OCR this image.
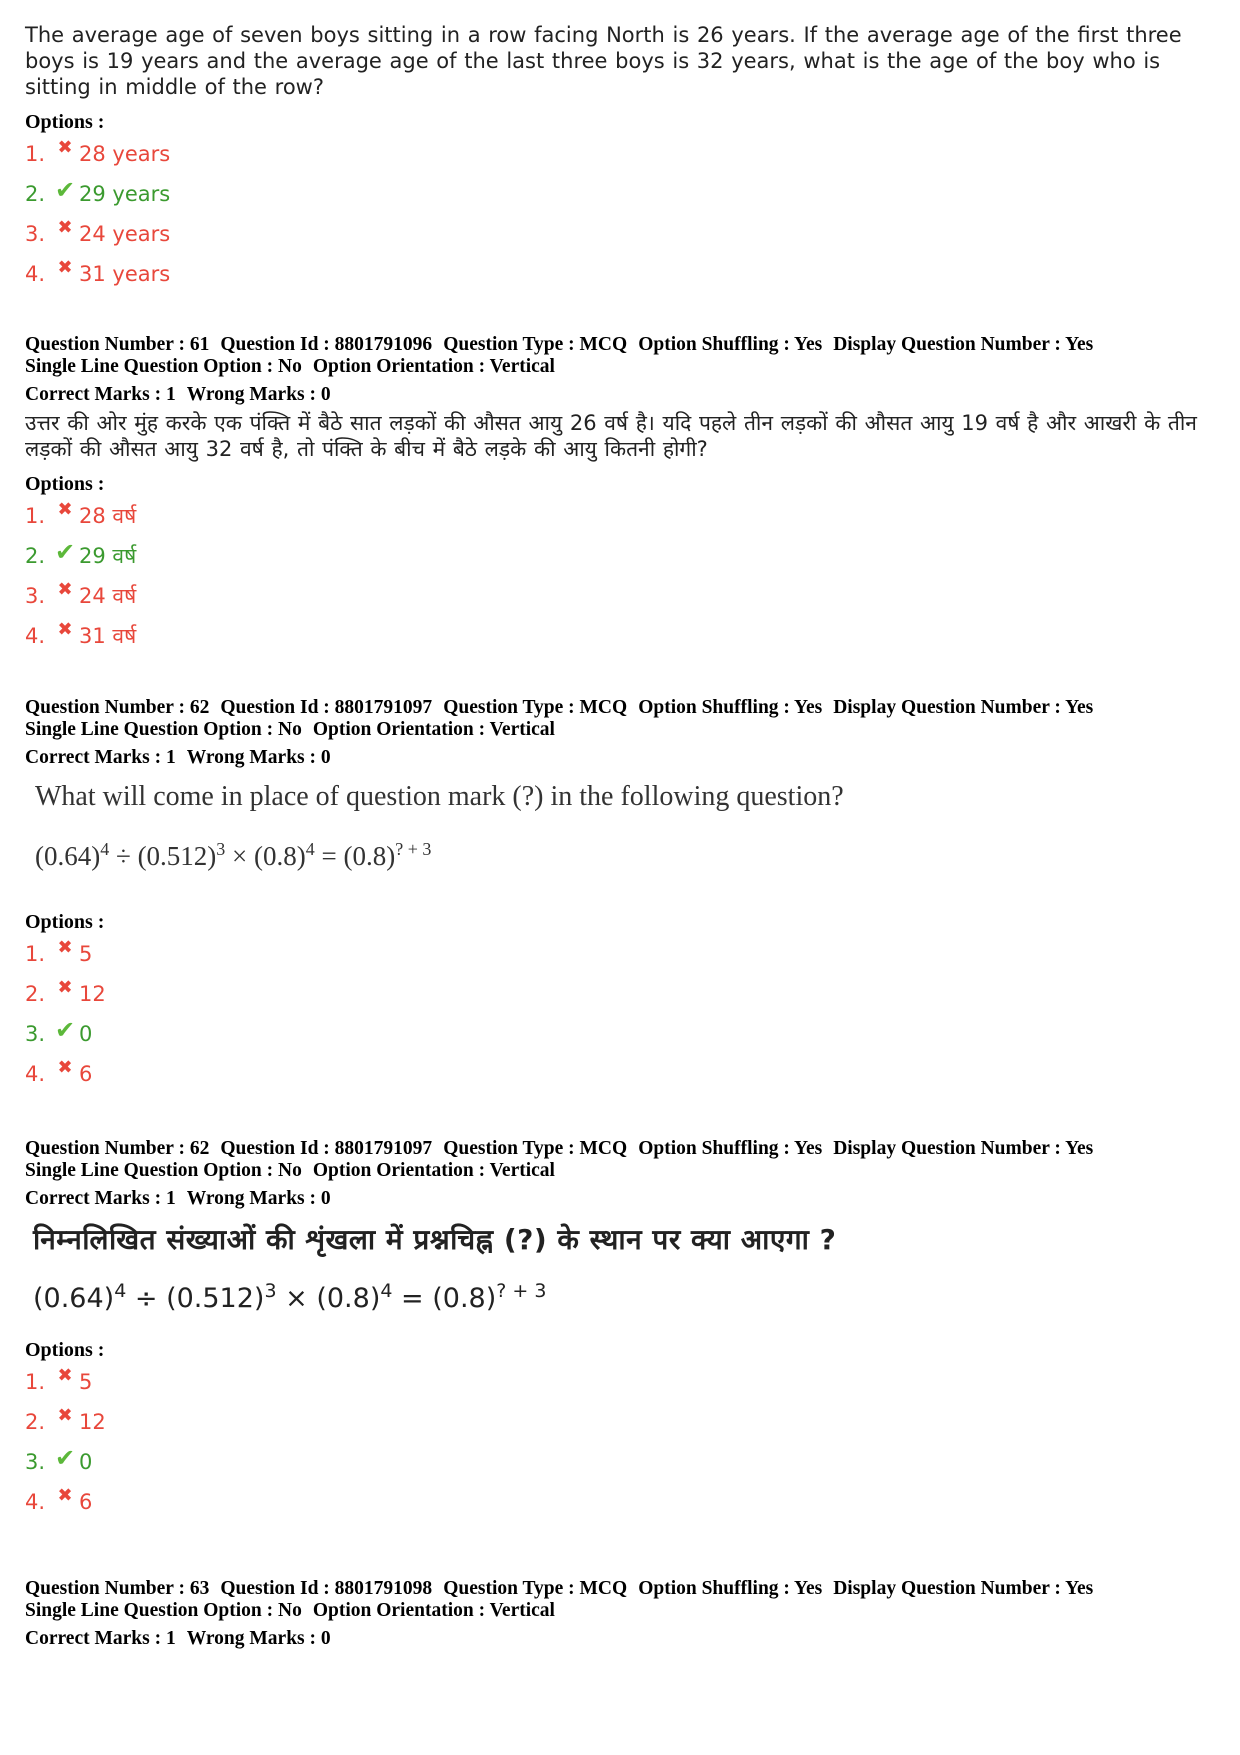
The average age of seven boys sitting in a row facing North is 26 years. If the average age of the first three boys is 19 years and the average age of the last three boys is 32 years, what is the age of the boy who is sitting in middle of the row?

Options :
1. ✖ 28 years
2. ✔ 29 years
3. ✖ 24 years
4. ✖ 31 years
Question Number : 61 Question Id : 8801791096 Question Type : MCQ Option Shuffling : Yes Display Question Number : Yes
Single Line Question Option : No Option Orientation : Vertical
Correct Marks : 1 Wrong Marks : 0

उत्तर की ओर मुंह करके एक पंक्ति में बैठे सात लड़कों की औसत आयु 26 वर्ष है। यदि पहले तीन लड़कों की औसत आयु 19 वर्ष है और आखरी के तीन लड़कों की औसत आयु 32 वर्ष है, तो पंक्ति के बीच में बैठे लड़के की आयु कितनी होगी?

Options :
1. ✖ 28 वर्ष
2. ✔ 29 वर्ष
3. ✖ 24 वर्ष
4. ✖ 31 वर्ष
Question Number : 62 Question Id : 8801791097 Question Type : MCQ Option Shuffling : Yes Display Question Number : Yes
Single Line Question Option : No Option Orientation : Vertical
Correct Marks : 1 Wrong Marks : 0
What will come in place of question mark (?) in the following question?
$(0.64)^4 \div (0.512)^3 \times (0.8)^4 = (0.8)^{? + 3}$
Options :
1. ✖ 5
2. ✖ 12
3. ✔ 0
4. ✖ 6
Question Number : 62 Question Id : 8801791097 Question Type : MCQ Option Shuffling : Yes Display Question Number : Yes
Single Line Question Option : No Option Orientation : Vertical
Correct Marks : 1 Wrong Marks : 0
निम्नलिखित संख्याओं की शृंखला में प्रश्नचिह्न (?) के स्थान पर क्या आएगा ?
$(0.64)^4 \div (0.512)^3 \times (0.8)^4 = (0.8)^{? + 3}$
Options :
1. ✖ 5
2. ✖ 12
3. ✔ 0
4. ✖ 6
Question Number : 63 Question Id : 8801791098 Question Type : MCQ Option Shuffling : Yes Display Question Number : Yes
Single Line Question Option : No Option Orientation : Vertical
Correct Marks : 1 Wrong Marks : 0
